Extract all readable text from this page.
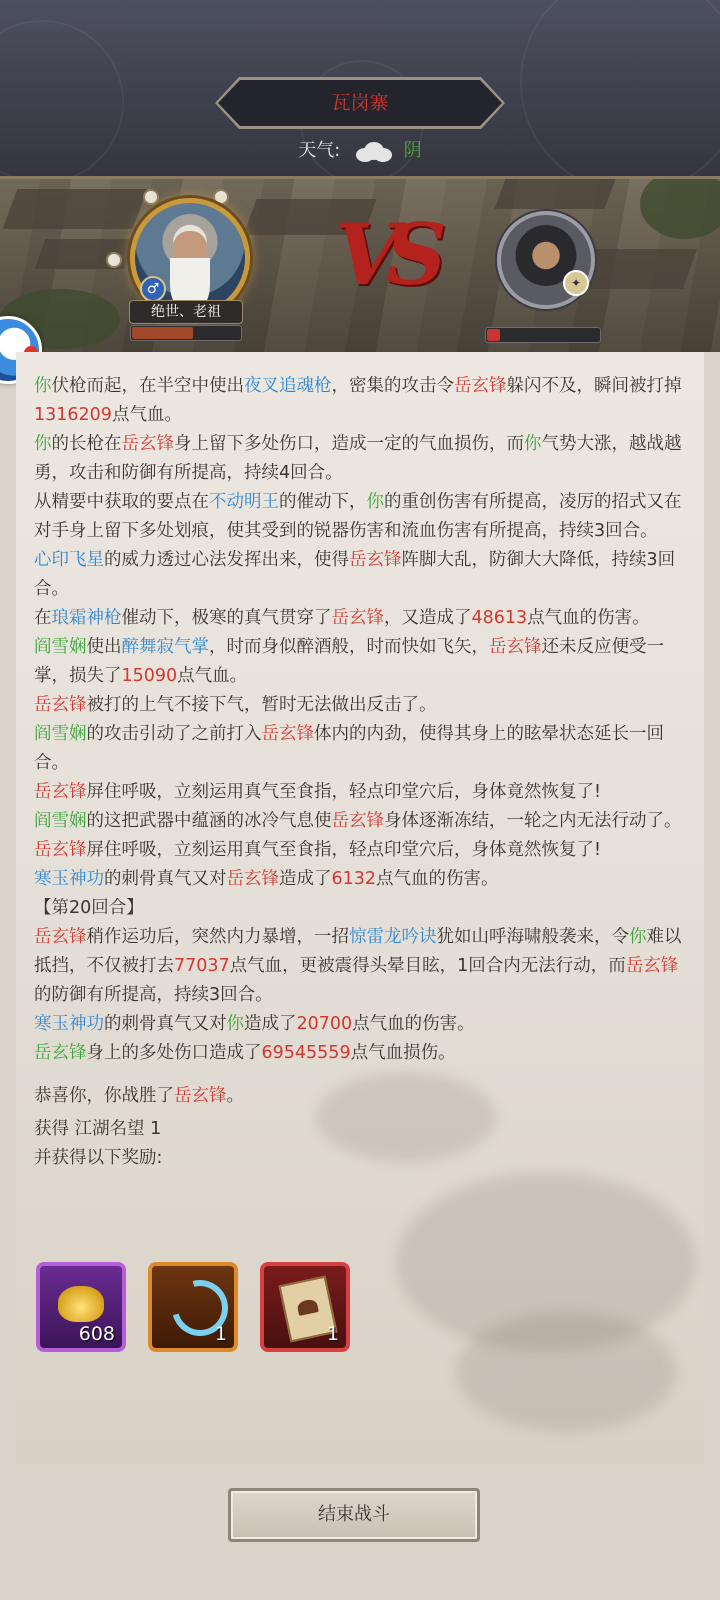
瓦岗寨
天气:	阴
♂
绝世、老祖
VS	✦

你伏枪而起，在半空中使出夜叉追魂枪，密集的攻击令岳玄锋躲闪不及，瞬间被打掉1316209点气血。

你的长枪在岳玄锋身上留下多处伤口，造成一定的气血损伤，而你气势大涨，越战越勇，攻击和防御有所提高，持续4回合。

从精要中获取的要点在不动明王的催动下，你的重创伤害有所提高，凌厉的招式又在对手身上留下多处划痕，使其受到的锐器伤害和流血伤害有所提高，持续3回合。

心印飞星的威力透过心法发挥出来，使得岳玄锋阵脚大乱，防御大大降低，持续3回合。

在琅霜神枪催动下，极寒的真气贯穿了岳玄锋，又造成了48613点气血的伤害。

阎雪娴使出醉舞寂气掌，时而身似醉酒般，时而快如飞矢，岳玄锋还未反应便受一掌，损失了15090点气血。

岳玄锋被打的上气不接下气，暂时无法做出反击了。

阎雪娴的攻击引动了之前打入岳玄锋体内的内劲，使得其身上的眩晕状态延长一回合。

岳玄锋屏住呼吸，立刻运用真气至食指，轻点印堂穴后，身体竟然恢复了!

阎雪娴的这把武器中蕴涵的冰冷气息使岳玄锋身体逐渐冻结，一轮之内无法行动了。

岳玄锋屏住呼吸，立刻运用真气至食指，轻点印堂穴后，身体竟然恢复了!

寒玉神功的刺骨真气又对岳玄锋造成了6132点气血的伤害。

【第20回合】

岳玄锋稍作运功后，突然内力暴增，一招惊雷龙吟诀犹如山呼海啸般袭来，令你难以抵挡，不仅被打去77037点气血，更被震得头晕目眩，1回合内无法行动，而岳玄锋的防御有所提高，持续3回合。

寒玉神功的刺骨真气又对你造成了20700点气血的伤害。

岳玄锋身上的多处伤口造成了69545559点气血损伤。

恭喜你，你战胜了岳玄锋。

获得 江湖名望 1

并获得以下奖励:

608	1	1
结束战斗
